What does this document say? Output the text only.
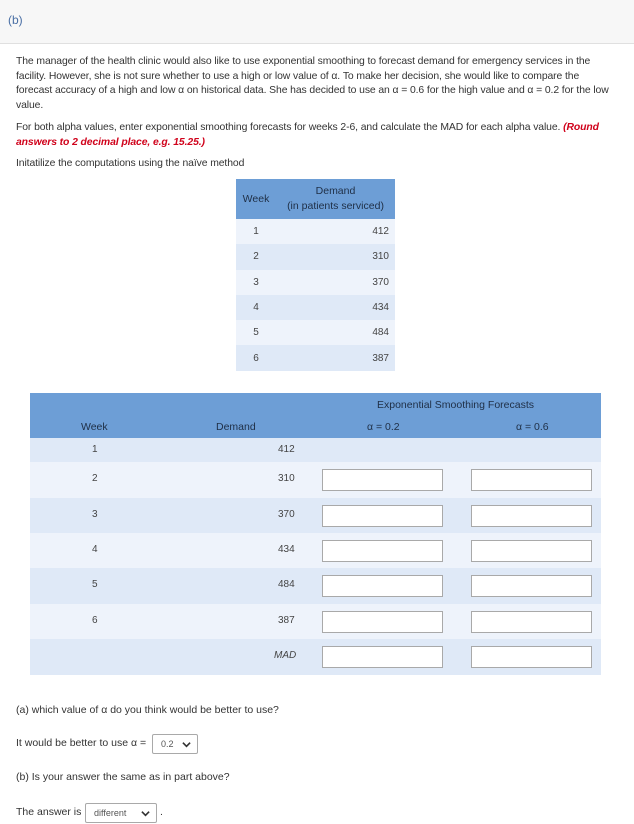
(b)

The manager of the health clinic would also like to use exponential smoothing to forecast demand for emergency services in the facility. However, she is not sure whether to use a high or low value of α. To make her decision, she would like to compare the forecast accuracy of a high and low α on historical data. She has decided to use an α = 0.6 for the high value and α = 0.2 for the low value.

For both alpha values, enter exponential smoothing forecasts for weeks 2-6, and calculate the MAD for each alpha value. (Round answers to 2 decimal place, e.g. 15.25.)

Initatilize the computations using the naïve method

Week	Demand
(in patients serviced)

1	412
2	310
3	370
4	434
5	484
6	387
Exponential Smoothing Forecasts
Week	Demand	α = 0.2	α = 0.6
1	412
2	310
3	370
4	434
5	484
6	387
MAD

(a) which value of α do you think would be better to use?

It would be better to use α =	0.2

(b) Is your answer the same as in part above?

The answer is	different	.
